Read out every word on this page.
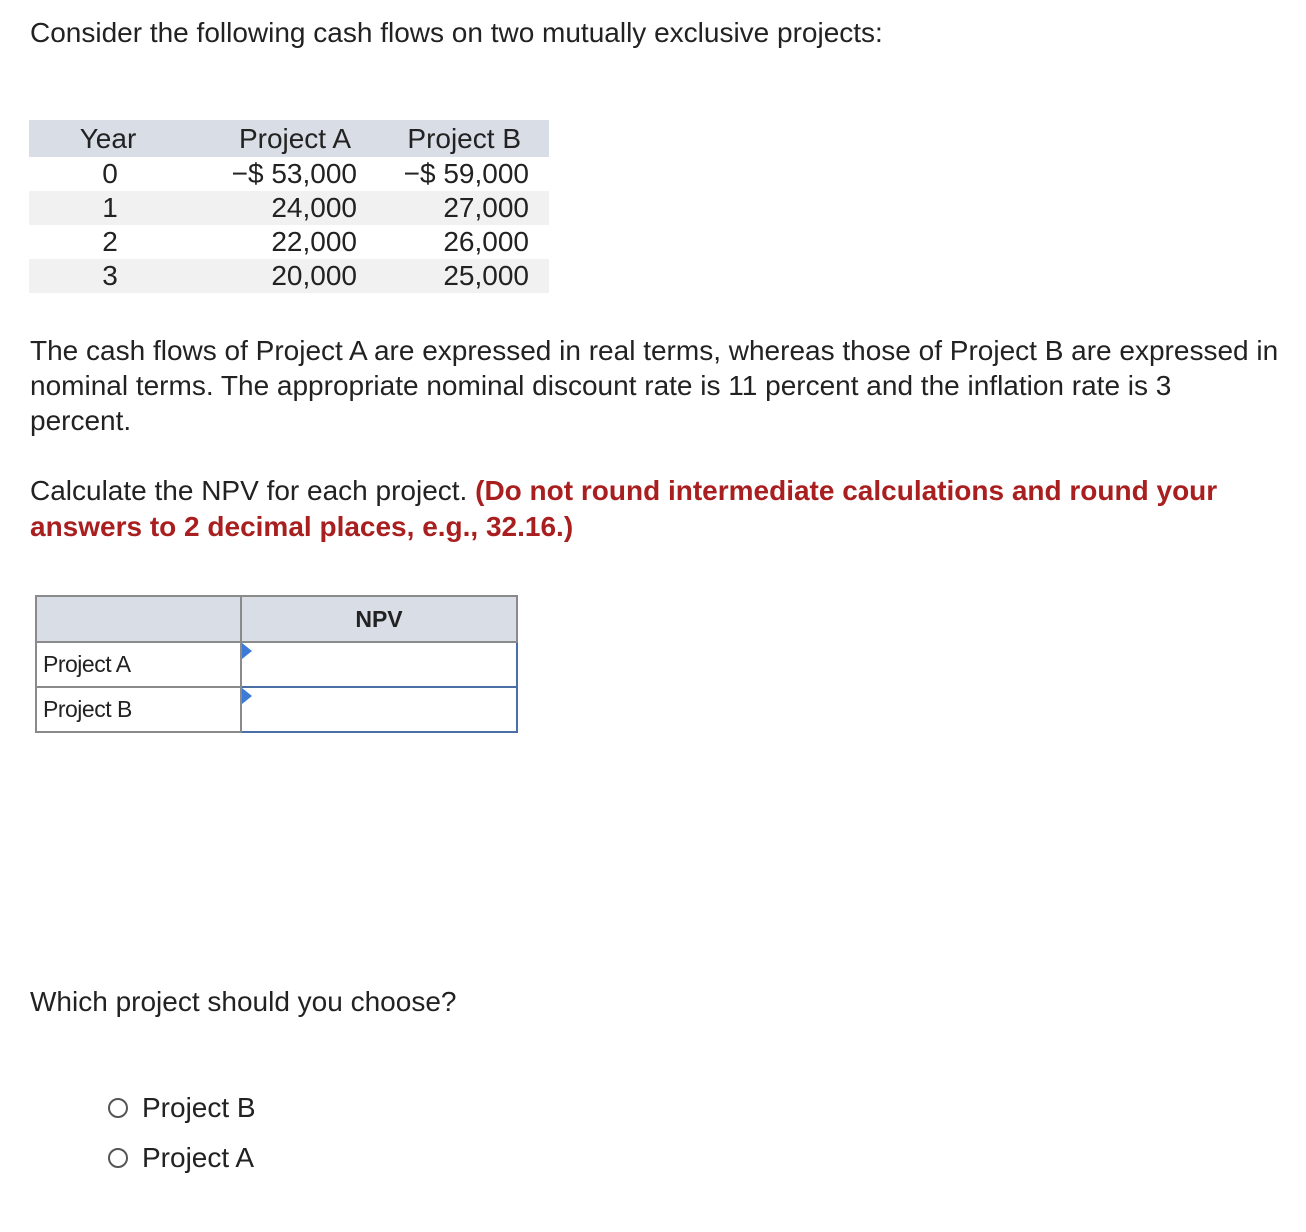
Consider the following cash flows on two mutually exclusive projects:

Year	Project A	Project B
0	−$ 53,000	−$ 59,000
1	24,000	27,000
2	22,000	26,000
3	20,000	25,000

The cash flows of Project A are expressed in real terms, whereas those of Project B are expressed in nominal terms. The appropriate nominal discount rate is 11 percent and the inflation rate is 3 percent.

Calculate the NPV for each project. (Do not round intermediate calculations and round your answers to 2 decimal places, e.g., 32.16.)

	NPV
Project A	

Project B	

Which project should you choose?

Project B
Project A
